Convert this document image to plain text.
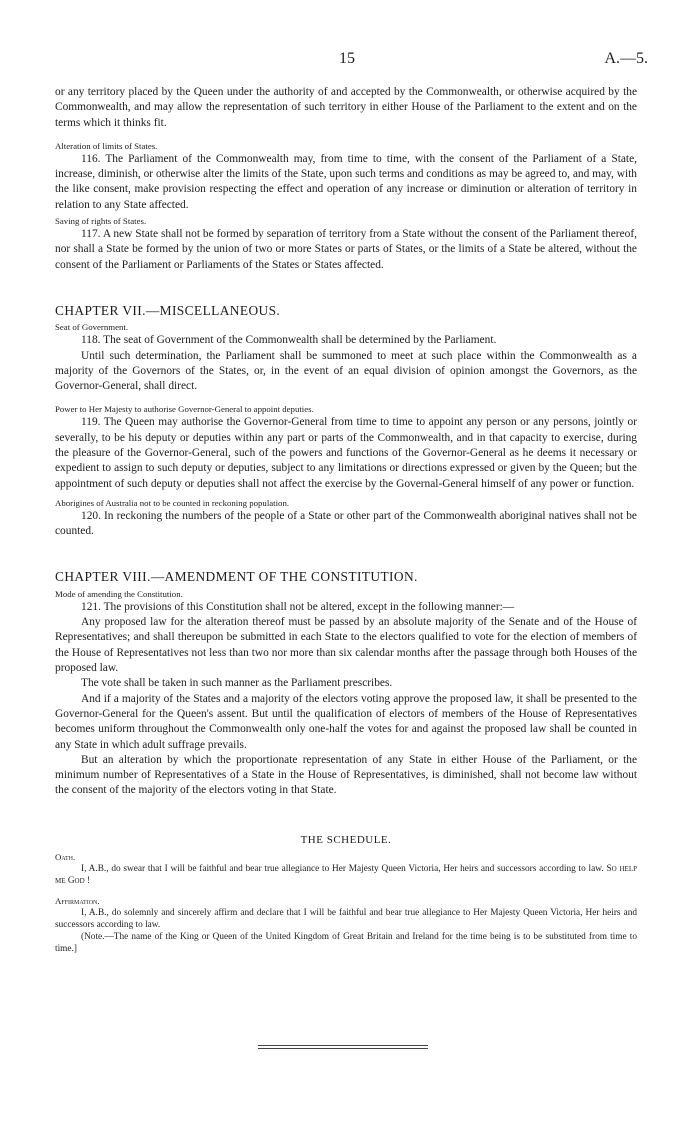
15	A.—5.

or any territory placed by the Queen under the authority of and accepted by the Commonwealth, or otherwise acquired by the Commonwealth, and may allow the representation of such territory in either House of the Parliament to the extent and on the terms which it thinks fit.

Alteration of limits of States.

116. The Parliament of the Commonwealth may, from time to time, with the consent of the Parliament of a State, increase, diminish, or otherwise alter the limits of the State, upon such terms and conditions as may be agreed to, and may, with the like consent, make provision respecting the effect and operation of any increase or diminution or alteration of territory in relation to any State affected.

Saving of rights of States.

117. A new State shall not be formed by separation of territory from a State without the consent of the Parliament thereof, nor shall a State be formed by the union of two or more States or parts of States, or the limits of a State be altered, without the consent of the Parliament or Parliaments of the States or States affected.

CHAPTER VII.—MISCELLANEOUS.

Seat of Government.

118. The seat of Government of the Commonwealth shall be determined by the Parliament.

Until such determination, the Parliament shall be summoned to meet at such place within the Commonwealth as a majority of the Governors of the States, or, in the event of an equal division of opinion amongst the Governors, as the Governor-General, shall direct.

Power to Her Majesty to authorise Governor-General to appoint deputies.

119. The Queen may authorise the Governor-General from time to time to appoint any person or any persons, jointly or severally, to be his deputy or deputies within any part or parts of the Commonwealth, and in that capacity to exercise, during the pleasure of the Governor-General, such of the powers and functions of the Governor-General as he deems it necessary or expedient to assign to such deputy or deputies, subject to any limitations or directions expressed or given by the Queen; but the appointment of such deputy or deputies shall not affect the exercise by the Governal-General himself of any power or function.

Aborigines of Australia not to be counted in reckoning population.

120. In reckoning the numbers of the people of a State or other part of the Commonwealth aboriginal natives shall not be counted.

CHAPTER VIII.—AMENDMENT OF THE CONSTITUTION.

Mode of amending the Constitution.

121. The provisions of this Constitution shall not be altered, except in the following manner:—

Any proposed law for the alteration thereof must be passed by an absolute majority of the Senate and of the House of Representatives; and shall thereupon be submitted in each State to the electors qualified to vote for the election of members of the House of Representatives not less than two nor more than six calendar months after the passage through both Houses of the proposed law.

The vote shall be taken in such manner as the Parliament prescribes.

And if a majority of the States and a majority of the electors voting approve the proposed law, it shall be presented to the Governor-General for the Queen's assent. But until the qualification of electors of members of the House of Representatives becomes uniform throughout the Commonwealth only one-half the votes for and against the proposed law shall be counted in any State in which adult suffrage prevails.

But an alteration by which the proportionate representation of any State in either House of the Parliament, or the minimum number of Representatives of a State in the House of Representatives, is diminished, shall not become law without the consent of the majority of the electors voting in that State.

THE SCHEDULE.

Oath.

I, A.B., do swear that I will be faithful and bear true allegiance to Her Majesty Queen Victoria, Her heirs and successors according to law. So help me God !

Affirmation.

I, A.B., do solemnly and sincerely affirm and declare that I will be faithful and bear true allegiance to Her Majesty Queen Victoria, Her heirs and successors according to law.

(Note.—The name of the King or Queen of the United Kingdom of Great Britain and Ireland for the time being is to be substituted from time to time.]
